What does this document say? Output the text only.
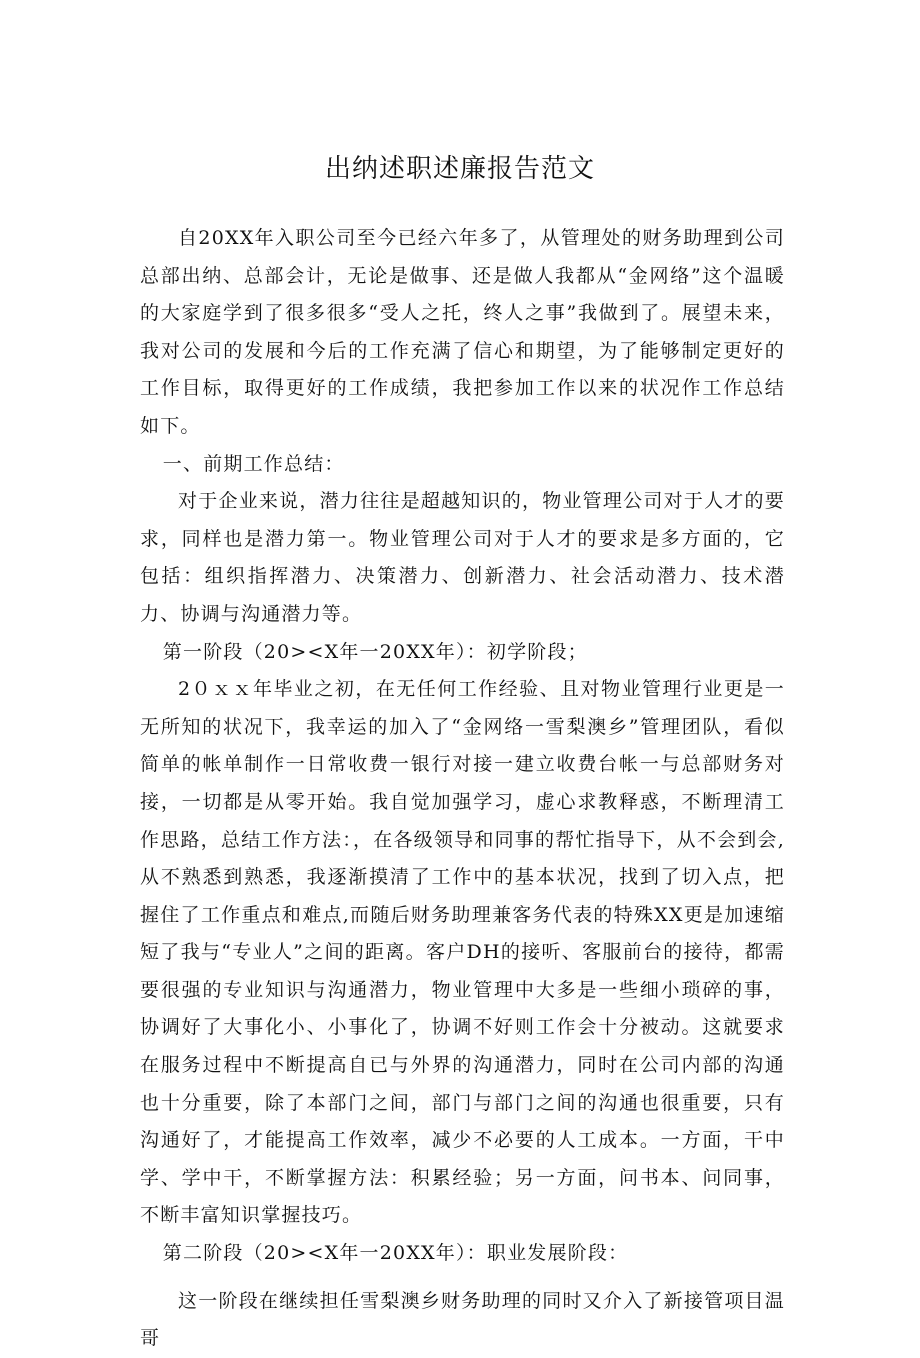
出纳述职述廉报告范文

自20XX年入职公司至今已经六年多了，从管理处的财务助理到公司总部出纳、总部会计，无论是做事、还是做人我都从“金网络”这个温暖的大家庭学到了很多很多“受人之托，终人之事”我做到了。展望未来，我对公司的发展和今后的工作充满了信心和期望，为了能够制定更好的工作目标，取得更好的工作成绩，我把参加工作以来的状况作工作总结如下。

一、前期工作总结：

对于企业来说，潜力往往是超越知识的，物业管理公司对于人才的要求，同样也是潜力第一。物业管理公司对于人才的要求是多方面的，它包括：组织指挥潜力、决策潜力、创新潜力、社会活动潜力、技术潜力、协调与沟通潜力等。

第一阶段（20><X年一20XX年）：初学阶段；

2０ｘｘ年毕业之初，在无任何工作经验、且对物业管理行业更是一无所知的状况下，我幸运的加入了“金网络一雪梨澳乡”管理团队，看似简单的帐单制作一日常收费一银行对接一建立收费台帐一与总部财务对接，一切都是从零开始。我自觉加强学习，虚心求教释惑，不断理清工作思路，总结工作方法：，在各级领导和同事的帮忙指导下，从不会到会,从不熟悉到熟悉，我逐渐摸清了工作中的基本状况，找到了切入点，把握住了工作重点和难点,而随后财务助理兼客务代表的特殊XX更是加速缩短了我与“专业人”之间的距离。客户DH的接听、客服前台的接待，都需要很强的专业知识与沟通潜力，物业管理中大多是一些细小琐碎的事，协调好了大事化小、小事化了，协调不好则工作会十分被动。这就要求在服务过程中不断提高自已与外界的沟通潜力，同时在公司内部的沟通也十分重要，除了本部门之间，部门与部门之间的沟通也很重要，只有沟通好了，才能提高工作效率，减少不必要的人工成本。一方面，干中学、学中干，不断掌握方法：积累经验；另一方面，问书本、问同事，不断丰富知识掌握技巧。

第二阶段（20><X年一20XX年）：职业发展阶段：

这一阶段在继续担任雪梨澳乡财务助理的同时又介入了新接管项目温哥
